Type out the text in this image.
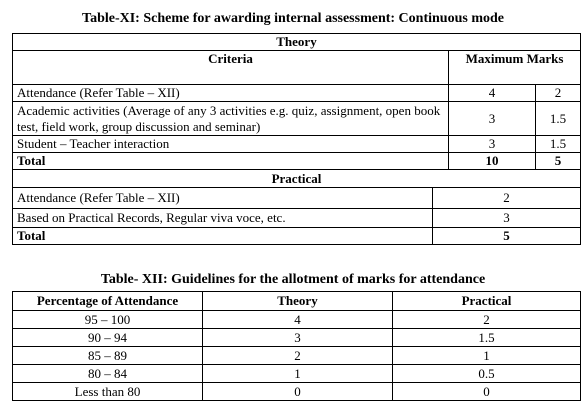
Table-XI: Scheme for awarding internal assessment: Continuous mode
Theory			
Criteria		Maximum Marks	
Attendance (Refer Table – XII)		4	2
Academic activities (Average of any 3 activities e.g. quiz, assignment, open book test, field work, group discussion and seminar)		3	1.5
Student – Teacher interaction		3	1.5
Total		10	5
Practical			
Attendance (Refer Table – XII)	2		
Based on Practical Records, Regular viva voce, etc.	3		
Total	5		
Table- XII: Guidelines for the allotment of marks for attendance
Percentage of Attendance	Theory	Practical
95 – 100	4	2
90 – 94	3	1.5
85 – 89	2	1
80 – 84	1	0.5
Less than 80	0	0
